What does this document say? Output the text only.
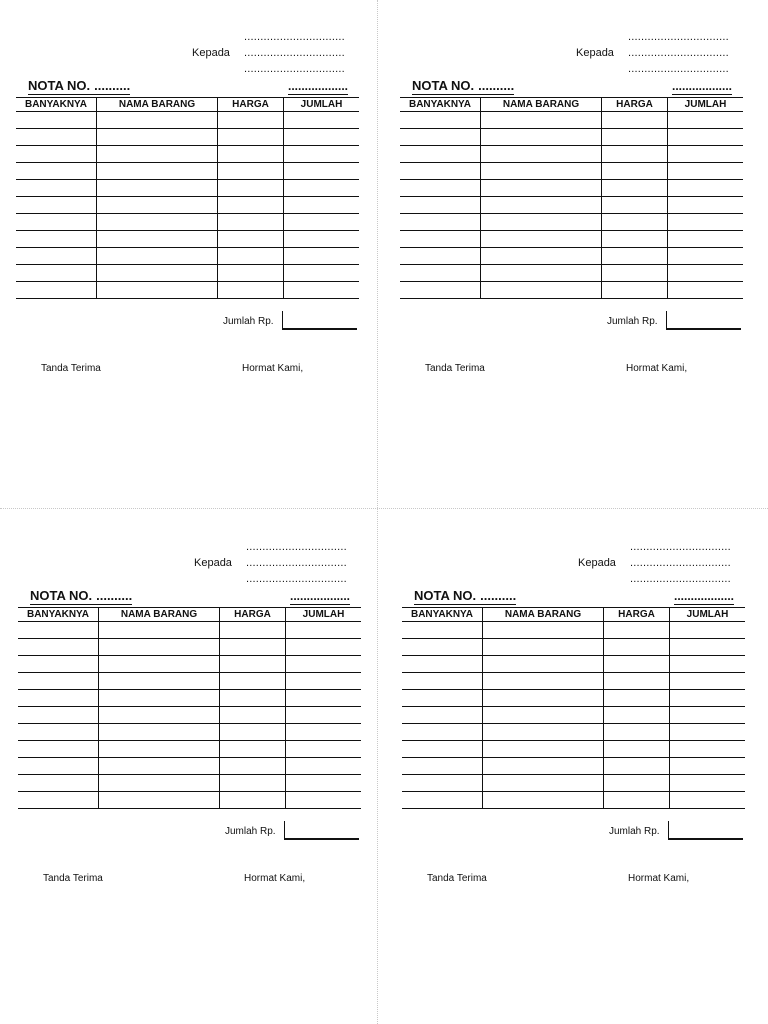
...............................
Kepada ...............................
...............................
NOTA NO. ..........	..................
BANYAKNYA	NAMA BARANG	HARGA	JUMLAH

Jumlah Rp.
Tanda Terima	Hormat Kami,
...............................
Kepada ...............................
...............................
NOTA NO. ..........	..................
BANYAKNYA	NAMA BARANG	HARGA	JUMLAH

Jumlah Rp.
Tanda Terima	Hormat Kami,
...............................
Kepada ...............................
...............................
NOTA NO. ..........	..................
BANYAKNYA	NAMA BARANG	HARGA	JUMLAH

Jumlah Rp.
Tanda Terima	Hormat Kami,
...............................
Kepada ...............................
...............................
NOTA NO. ..........	..................
BANYAKNYA	NAMA BARANG	HARGA	JUMLAH

Jumlah Rp.
Tanda Terima	Hormat Kami,
